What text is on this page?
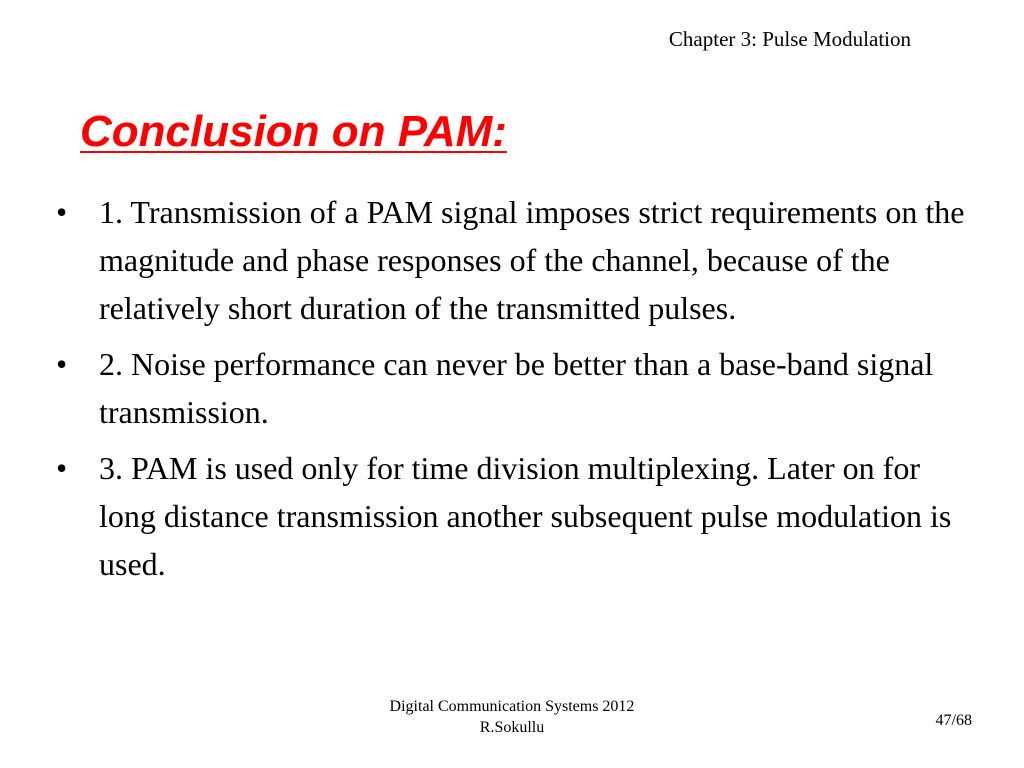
Chapter 3: Pulse Modulation
Conclusion on PAM:
• 1. Transmission of a PAM signal imposes strict requirements on the magnitude and phase responses of the channel, because of the relatively short duration of the transmitted pulses.
• 2. Noise performance can never be better than a base-band signal transmission.
• 3. PAM is used only for time division multiplexing. Later on for long distance transmission another subsequent pulse modulation is used.
Digital Communication Systems 2012
R.Sokullu	47/68
